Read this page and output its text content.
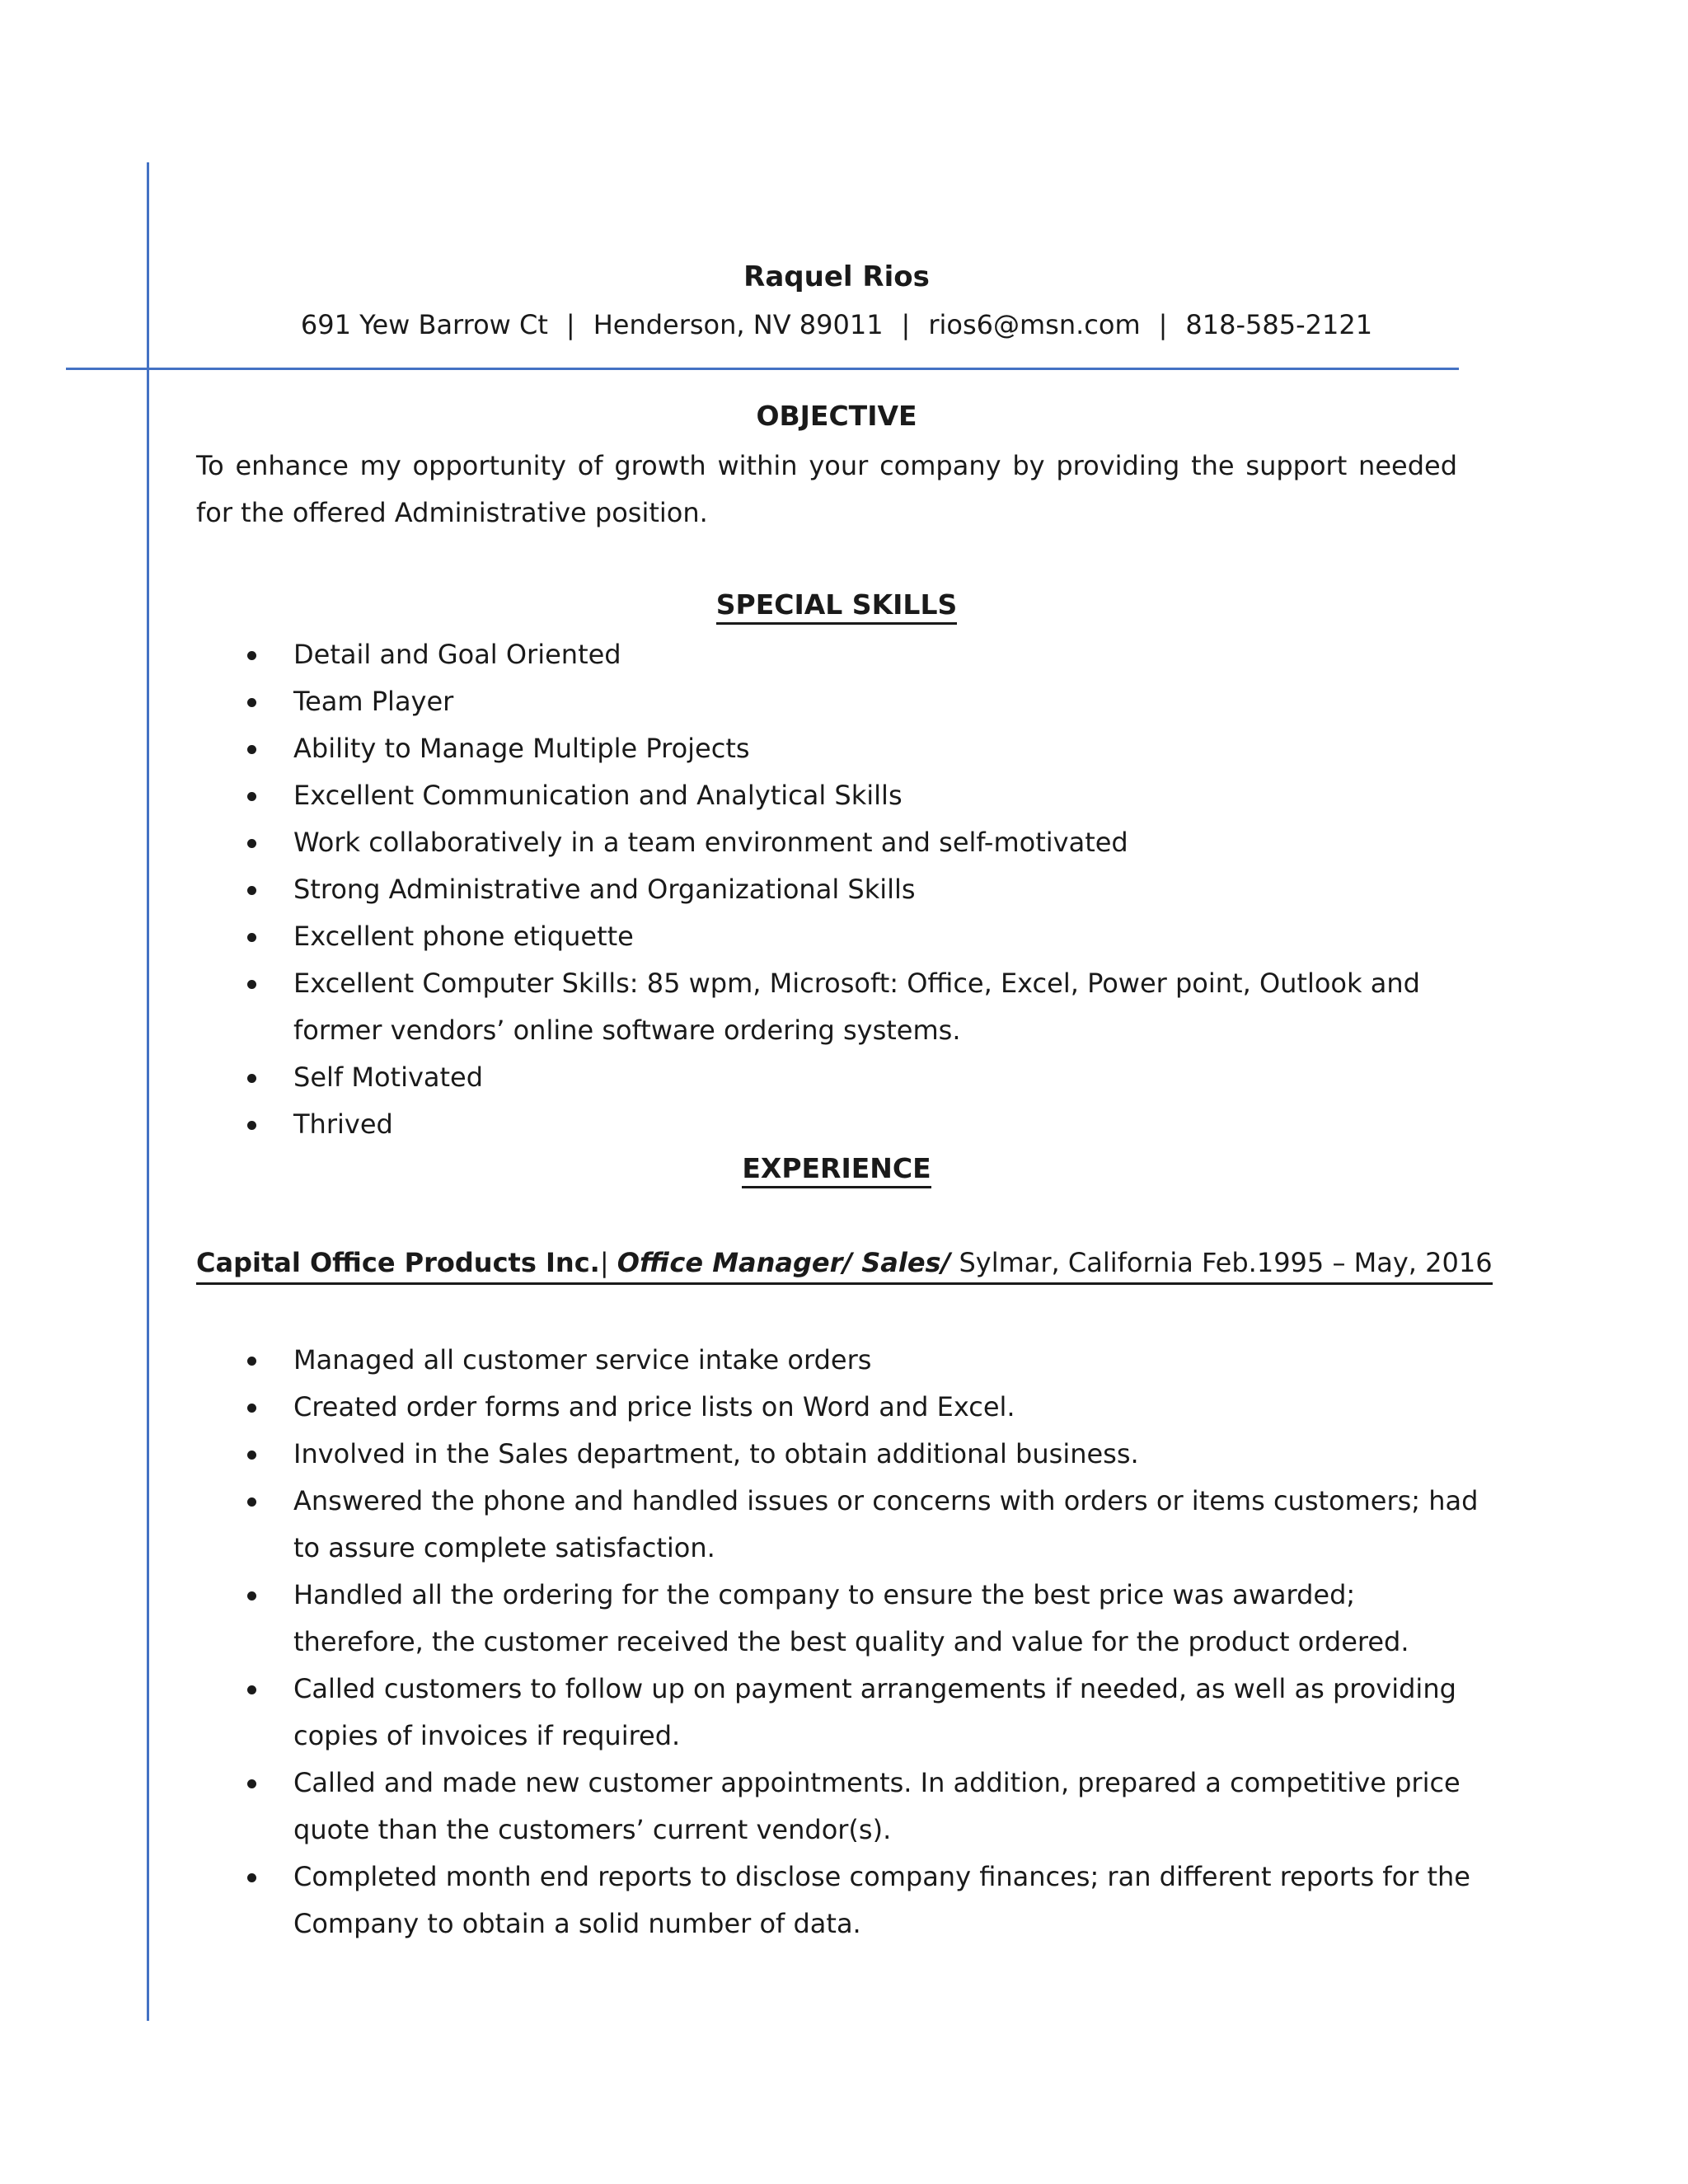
Raquel Rios
691 Yew Barrow Ct | Henderson, NV 89011 | rios6@msn.com | 818-585-2121
OBJECTIVE
To enhance my opportunity of growth within your company by providing the support needed for the offered Administrative position.
SPECIAL SKILLS
Detail and Goal Oriented
Team Player
Ability to Manage Multiple Projects
Excellent Communication and Analytical Skills
Work collaboratively in a team environment and self-motivated
Strong Administrative and Organizational Skills
Excellent phone etiquette
Excellent Computer Skills: 85 wpm, Microsoft: Office, Excel, Power point, Outlook and former vendors’ online software ordering systems.
Self Motivated
Thrived
EXPERIENCE
Capital Office Products Inc.| Office Manager/ Sales/ Sylmar, California Feb.1995 – May, 2016
Managed all customer service intake orders
Created order forms and price lists on Word and Excel.
Involved in the Sales department, to obtain additional business.
Answered the phone and handled issues or concerns with orders or items customers; had to assure complete satisfaction.
Handled all the ordering for the company to ensure the best price was awarded; therefore, the customer received the best quality and value for the product ordered.
Called customers to follow up on payment arrangements if needed, as well as providing copies of invoices if required.
Called and made new customer appointments. In addition, prepared a competitive price quote than the customers’ current vendor(s).
Completed month end reports to disclose company finances; ran different reports for the Company to obtain a solid number of data.
